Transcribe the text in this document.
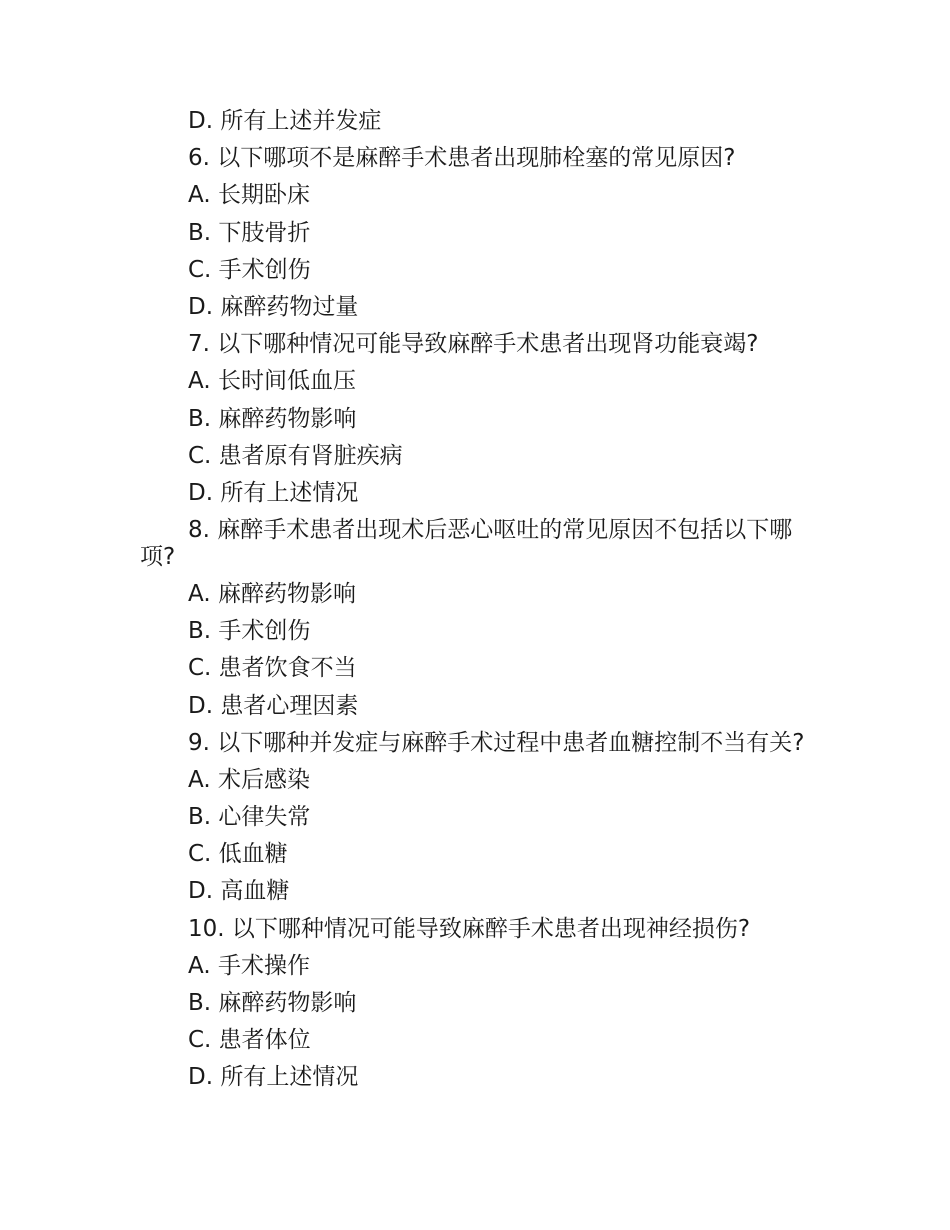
D. 所有上述并发症

6. 以下哪项不是麻醉手术患者出现肺栓塞的常见原因?

A. 长期卧床

B. 下肢骨折

C. 手术创伤

D. 麻醉药物过量

7. 以下哪种情况可能导致麻醉手术患者出现肾功能衰竭?

A. 长时间低血压

B. 麻醉药物影响

C. 患者原有肾脏疾病

D. 所有上述情况

8. 麻醉手术患者出现术后恶心呕吐的常见原因不包括以下哪项?

A. 麻醉药物影响

B. 手术创伤

C. 患者饮食不当

D. 患者心理因素

9. 以下哪种并发症与麻醉手术过程中患者血糖控制不当有关?

A. 术后感染

B. 心律失常

C. 低血糖

D. 高血糖

10. 以下哪种情况可能导致麻醉手术患者出现神经损伤?

A. 手术操作

B. 麻醉药物影响

C. 患者体位

D. 所有上述情况
